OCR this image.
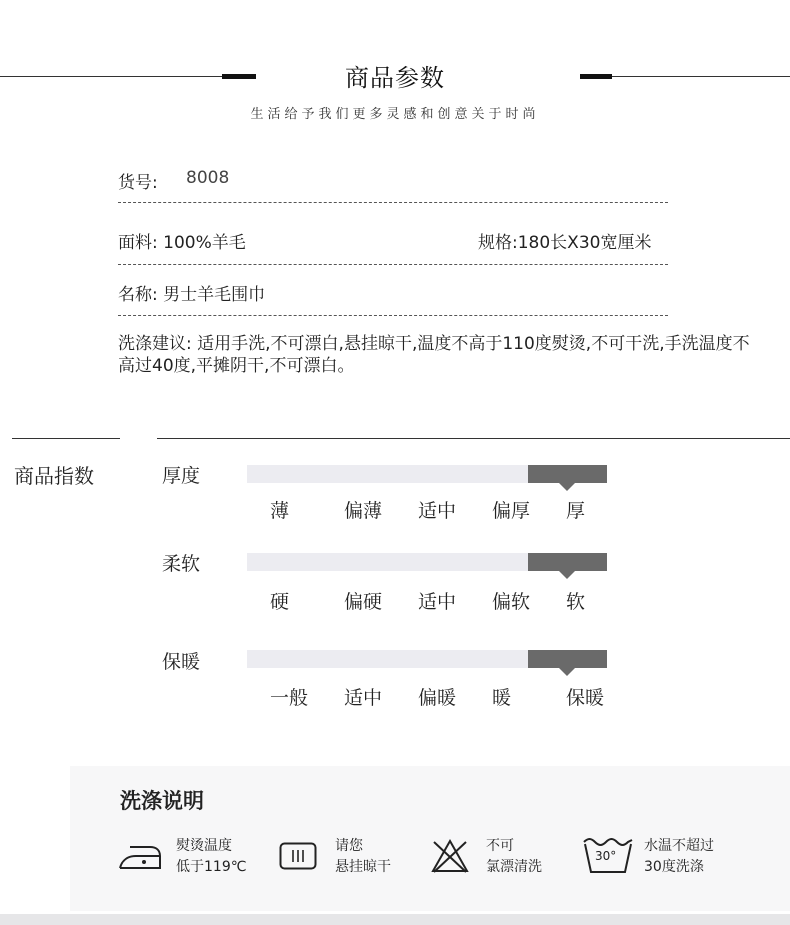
商品参数
生活给予我们更多灵感和创意关于时尚
货号: 8008
面料: 100%羊毛	规格:180长X30宽厘米
名称: 男士羊毛围巾
洗涤建议: 适用手洗,不可漂白,悬挂晾干,温度不高于110度熨烫,不可干洗,手洗温度不高过40度,平摊阴干,不可漂白。
商品指数	厚度
薄	偏薄 适中 偏厚 厚
柔软
硬	偏硬 适中 偏软 软
保暖
一般 适中 偏暖 暖	保暖
洗涤说明
熨烫温度
低于119℃
请您
悬挂晾干
不可
氯漂清洗
30°
水温不超过
30度洗涤
